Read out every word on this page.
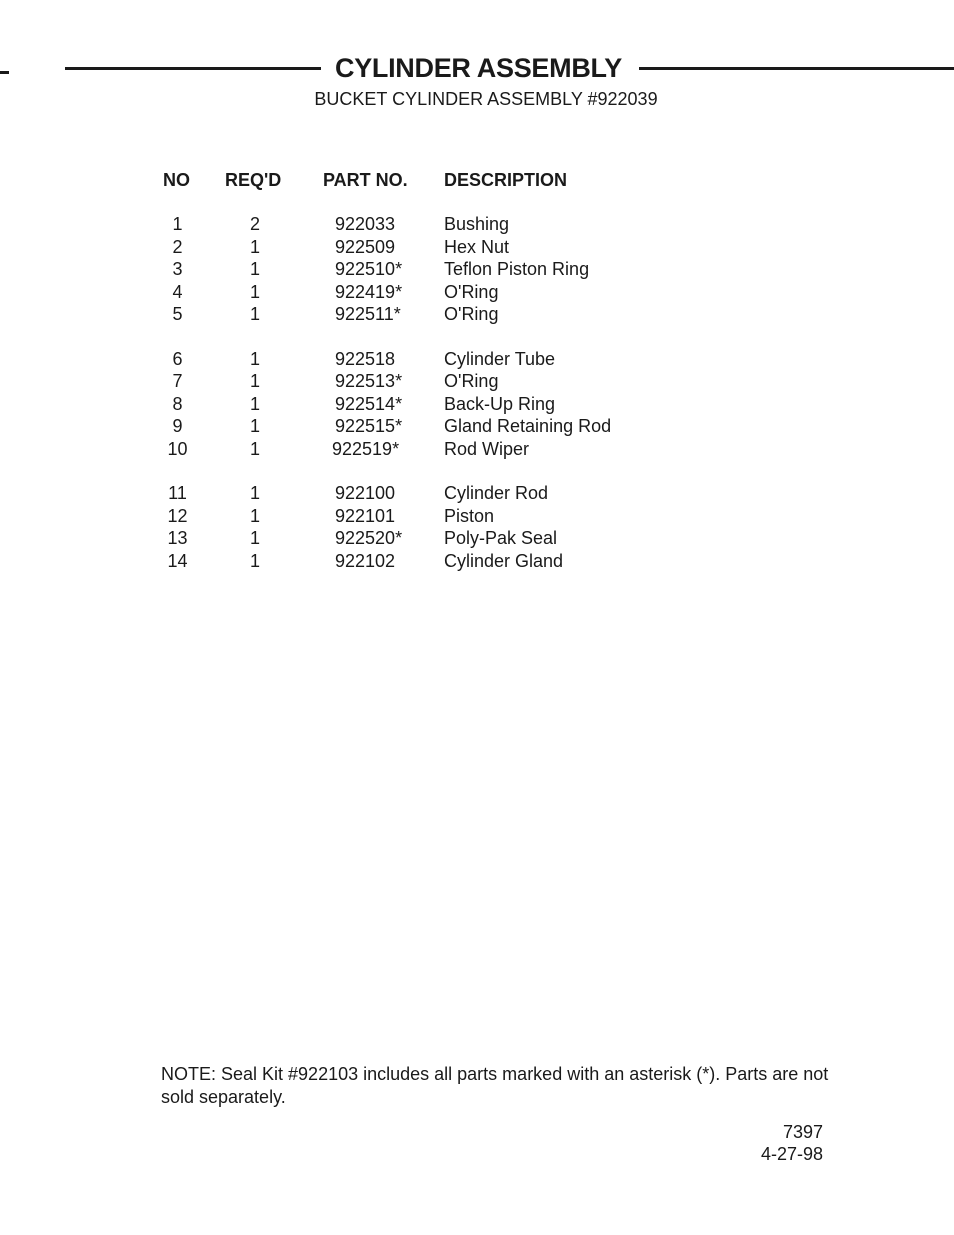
CYLINDER ASSEMBLY
BUCKET CYLINDER ASSEMBLY #922039
NO REQ'D PART NO. DESCRIPTION
1	2	922033	Bushing
2	1	922509	Hex Nut
3	1	922510* Teflon Piston Ring
4	1	922419* O'Ring
5	1	922511* O'Ring
6	1	922518	Cylinder Tube
7	1	922513* O'Ring
8	1	922514* Back-Up Ring
9	1	922515* Gland Retaining Rod
10	1	922519* Rod Wiper
11	1	922100	Cylinder Rod
12	1	922101	Piston
13	1	922520* Poly-Pak Seal
14	1	922102	Cylinder Gland
NOTE: Seal Kit #922103 includes all parts marked with an asterisk (*). Parts are not sold separately.
7397
4-27-98
